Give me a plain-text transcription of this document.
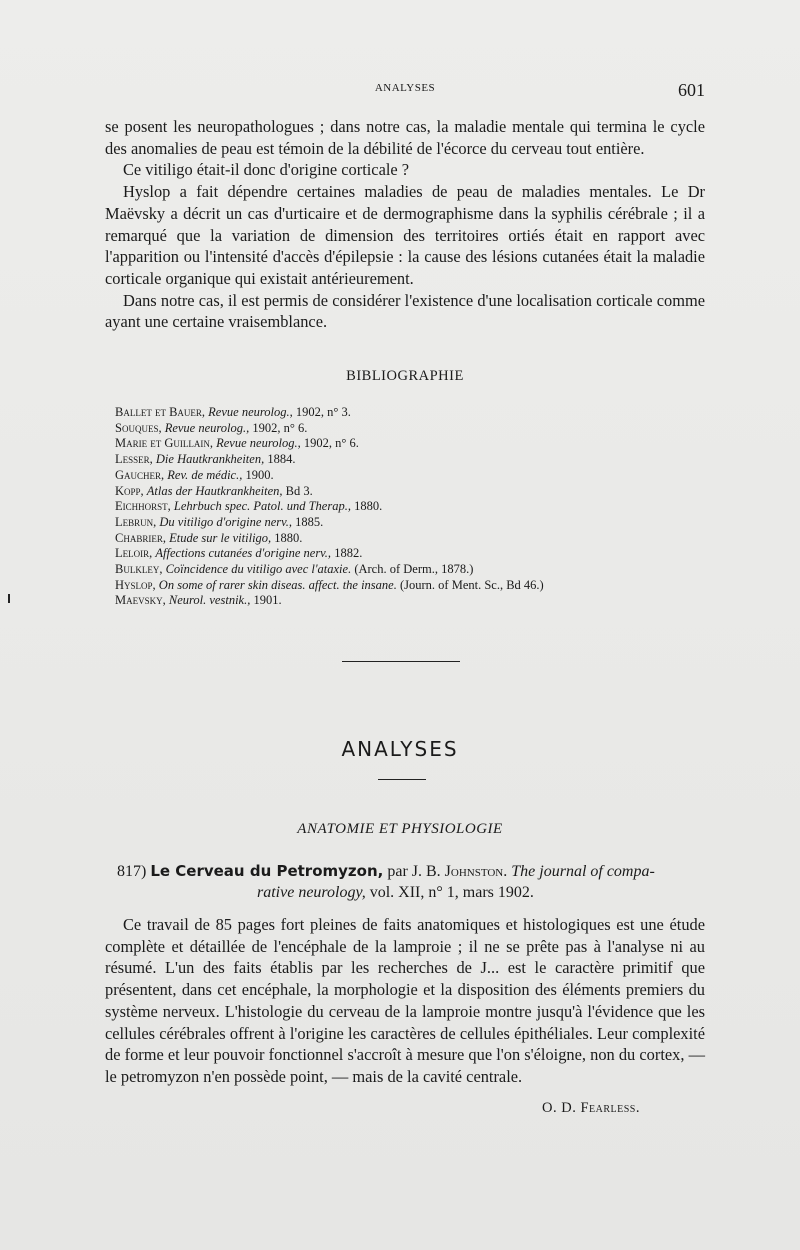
ANALYSES	601

se posent les neuropathologues ; dans notre cas, la maladie mentale qui termina le cycle des anomalies de peau est témoin de la débilité de l'écorce du cerveau tout entière.

Ce vitiligo était-il donc d'origine corticale ?

Hyslop a fait dépendre certaines maladies de peau de maladies mentales. Le Dr Maëvsky a décrit un cas d'urticaire et de dermographisme dans la syphilis cérébrale ; il a remarqué que la variation de dimension des territoires ortiés était en rapport avec l'apparition ou l'intensité d'accès d'épilepsie : la cause des lésions cutanées était la maladie corticale organique qui existait antérieurement.

Dans notre cas, il est permis de considérer l'existence d'une localisation corticale comme ayant une certaine vraisemblance.

BIBLIOGRAPHIE
Ballet et Bauer, Revue neurolog., 1902, n° 3.
Souques, Revue neurolog., 1902, n° 6.
Marie et Guillain, Revue neurolog., 1902, n° 6.
Lesser, Die Hautkrankheiten, 1884.
Gaucher, Rev. de médic., 1900.
Kopp, Atlas der Hautkrankheiten, Bd 3.
Eichhorst, Lehrbuch spec. Patol. und Therap., 1880.
Lebrun, Du vitiligo d'origine nerv., 1885.
Chabrier, Etude sur le vitiligo, 1880.
Leloir, Affections cutanées d'origine nerv., 1882.
Bulkley, Coïncidence du vitiligo avec l'ataxie. (Arch. of Derm., 1878.)
Hyslop, On some of rarer skin diseas. affect. the insane. (Journ. of Ment. Sc., Bd 46.)
Maevsky, Neurol. vestnik., 1901.
ANALYSES
ANATOMIE ET PHYSIOLOGIE
817) Le Cerveau du Petromyzon, par J. B. Johnston. The journal of compa-
rative neurology, vol. XII, n° 1, mars 1902.

Ce travail de 85 pages fort pleines de faits anatomiques et histologiques est une étude complète et détaillée de l'encéphale de la lamproie ; il ne se prête pas à l'analyse ni au résumé. L'un des faits établis par les recherches de J... est le caractère primitif que présentent, dans cet encéphale, la morphologie et la disposition des éléments premiers du système nerveux. L'histologie du cerveau de la lamproie montre jusqu'à l'évidence que les cellules cérébrales offrent à l'origine les caractères de cellules épithéliales. Leur complexité de forme et leur pouvoir fonctionnel s'accroît à mesure que l'on s'éloigne, non du cortex, — le petromyzon n'en possède point, — mais de la cavité centrale.

O. D. Fearless.
